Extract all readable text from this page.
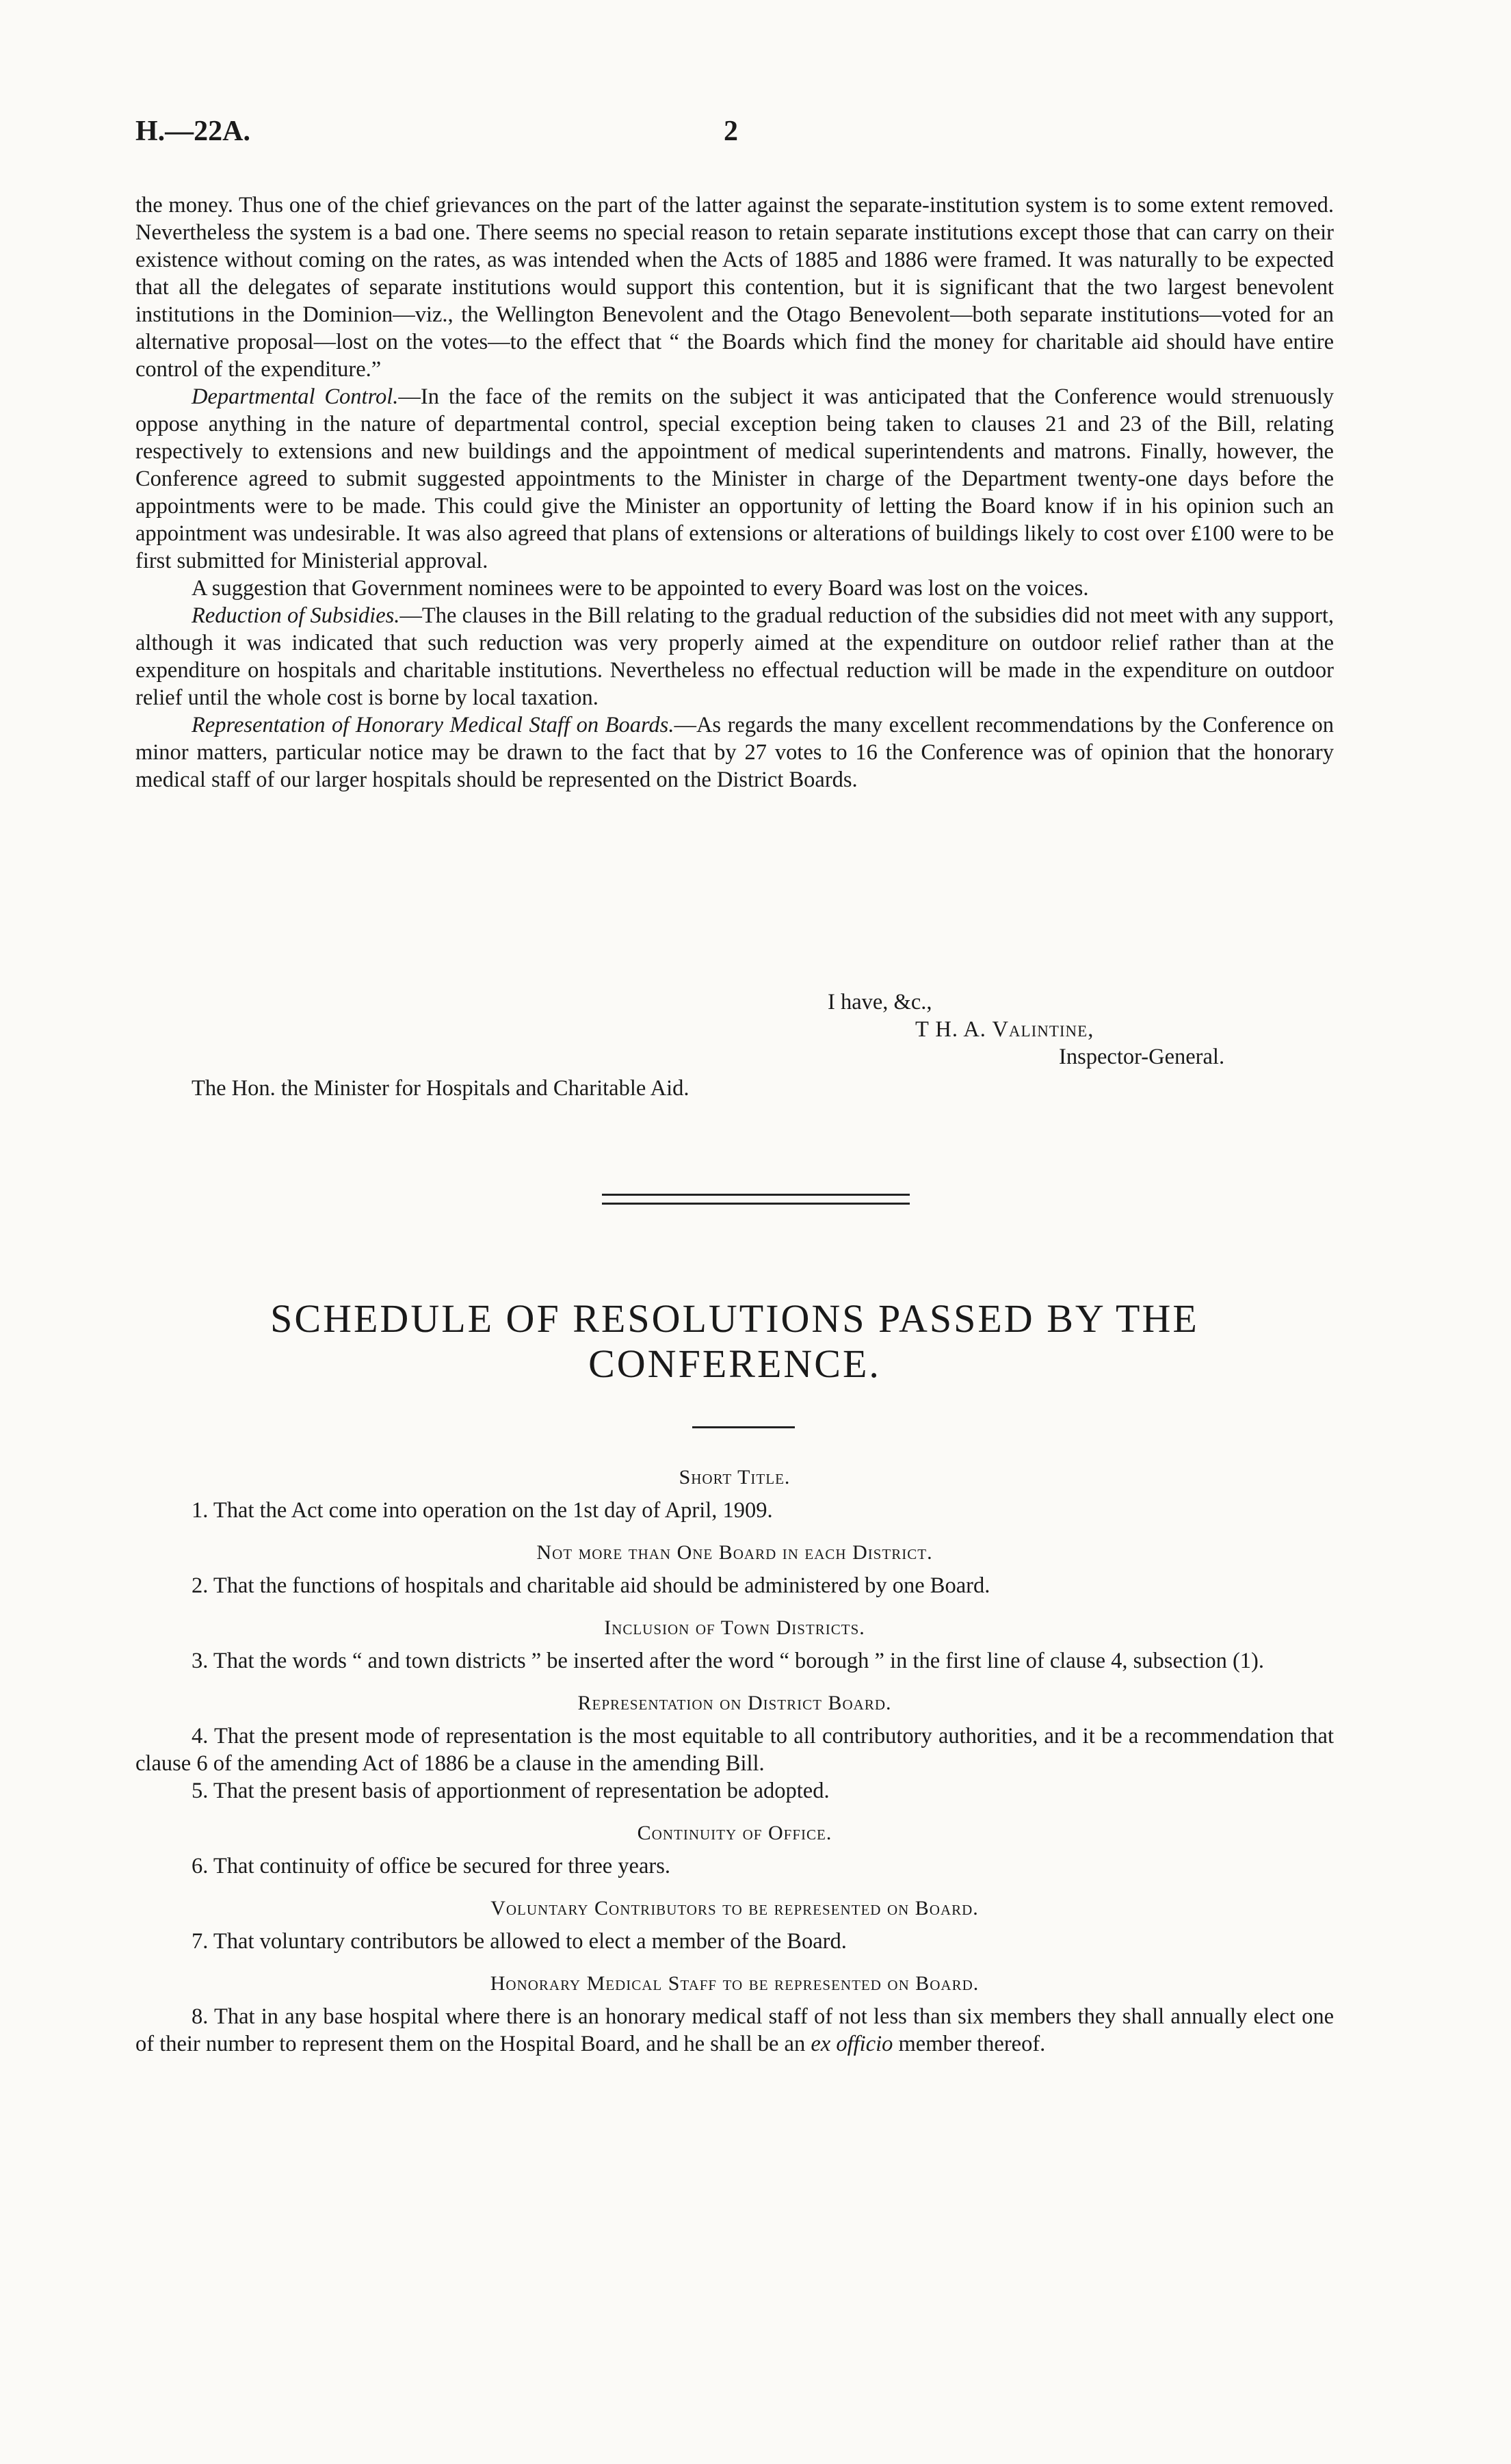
H.—22A.	2

the money. Thus one of the chief grievances on the part of the latter against the separate-institution system is to some extent removed. Nevertheless the system is a bad one. There seems no special reason to retain separate institutions except those that can carry on their existence without coming on the rates, as was intended when the Acts of 1885 and 1886 were framed. It was naturally to be expected that all the delegates of separate institutions would support this contention, but it is significant that the two largest benevolent institutions in the Dominion—viz., the Wellington Benevolent and the Otago Benevolent—both separate institutions—voted for an alternative proposal—lost on the votes—to the effect that “ the Boards which find the money for charitable aid should have entire control of the expenditure.”

Departmental Control.—In the face of the remits on the subject it was anticipated that the Conference would strenuously oppose anything in the nature of departmental control, special exception being taken to clauses 21 and 23 of the Bill, relating respectively to extensions and new buildings and the appointment of medical superintendents and matrons. Finally, however, the Conference agreed to submit suggested appointments to the Minister in charge of the Department twenty-one days before the appointments were to be made. This could give the Minister an opportunity of letting the Board know if in his opinion such an appointment was undesirable. It was also agreed that plans of extensions or alterations of buildings likely to cost over £100 were to be first submitted for Ministerial approval.

A suggestion that Government nominees were to be appointed to every Board was lost on the voices.

Reduction of Subsidies.—The clauses in the Bill relating to the gradual reduction of the subsidies did not meet with any support, although it was indicated that such reduction was very properly aimed at the expenditure on outdoor relief rather than at the expenditure on hospitals and charitable institutions. Nevertheless no effectual reduction will be made in the expenditure on outdoor relief until the whole cost is borne by local taxation.

Representation of Honorary Medical Staff on Boards.—As regards the many excellent recommendations by the Conference on minor matters, particular notice may be drawn to the fact that by 27 votes to 16 the Conference was of opinion that the honorary medical staff of our larger hospitals should be represented on the District Boards.

I have, &c.,
T H. A. Valintine,
Inspector-General.
The Hon. the Minister for Hospitals and Charitable Aid.
SCHEDULE OF RESOLUTIONS PASSED BY THE
CONFERENCE.
Short Title.

1. That the Act come into operation on the 1st day of April, 1909.

Not more than One Board in each District.

2. That the functions of hospitals and charitable aid should be administered by one Board.

Inclusion of Town Districts.

3. That the words “ and town districts ” be inserted after the word “ borough ” in the first line of clause 4, subsection (1).

Representation on District Board.

4. That the present mode of representation is the most equitable to all contributory authorities, and it be a recommendation that clause 6 of the amending Act of 1886 be a clause in the amending Bill.

5. That the present basis of apportionment of representation be adopted.

Continuity of Office.

6. That continuity of office be secured for three years.

Voluntary Contributors to be represented on Board.

7. That voluntary contributors be allowed to elect a member of the Board.

Honorary Medical Staff to be represented on Board.

8. That in any base hospital where there is an honorary medical staff of not less than six members they shall annually elect one of their number to represent them on the Hospital Board, and he shall be an ex officio member thereof.
